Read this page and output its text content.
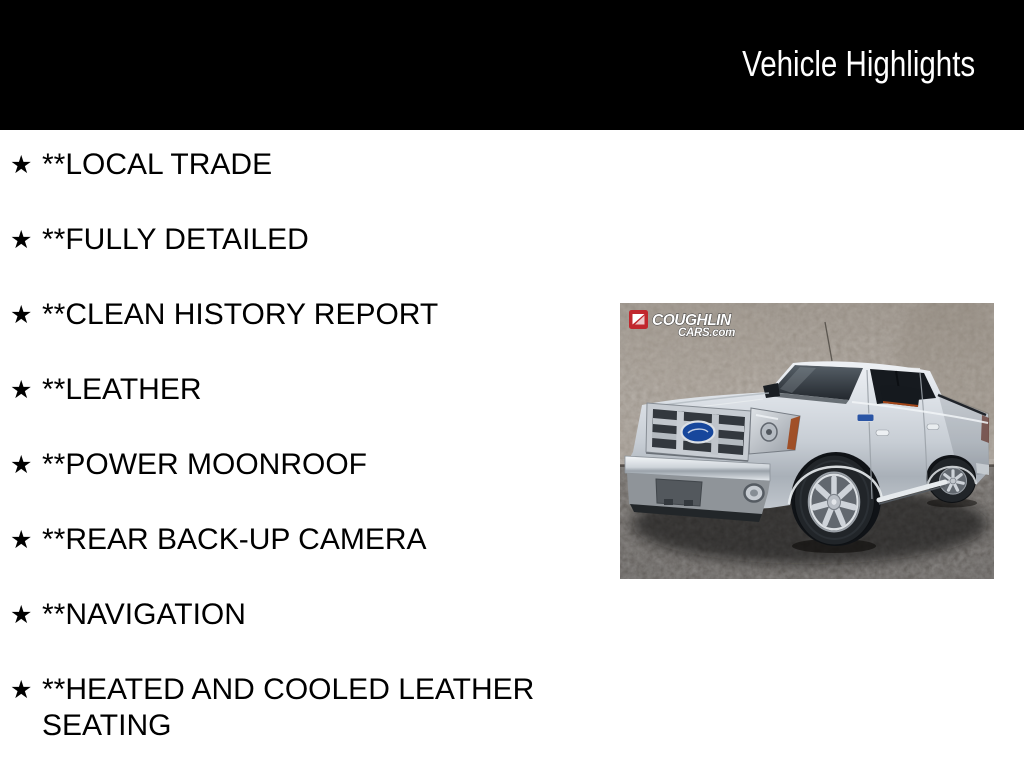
Vehicle Highlights
★ **LOCAL TRADE
★ **FULLY DETAILED
★ **CLEAN HISTORY REPORT
★ **LEATHER
★ **POWER MOONROOF
★ **REAR BACK-UP CAMERA
★ **NAVIGATION
★ **HEATED AND COOLED LEATHER SEATING
COUGHLIN
CARS.com
